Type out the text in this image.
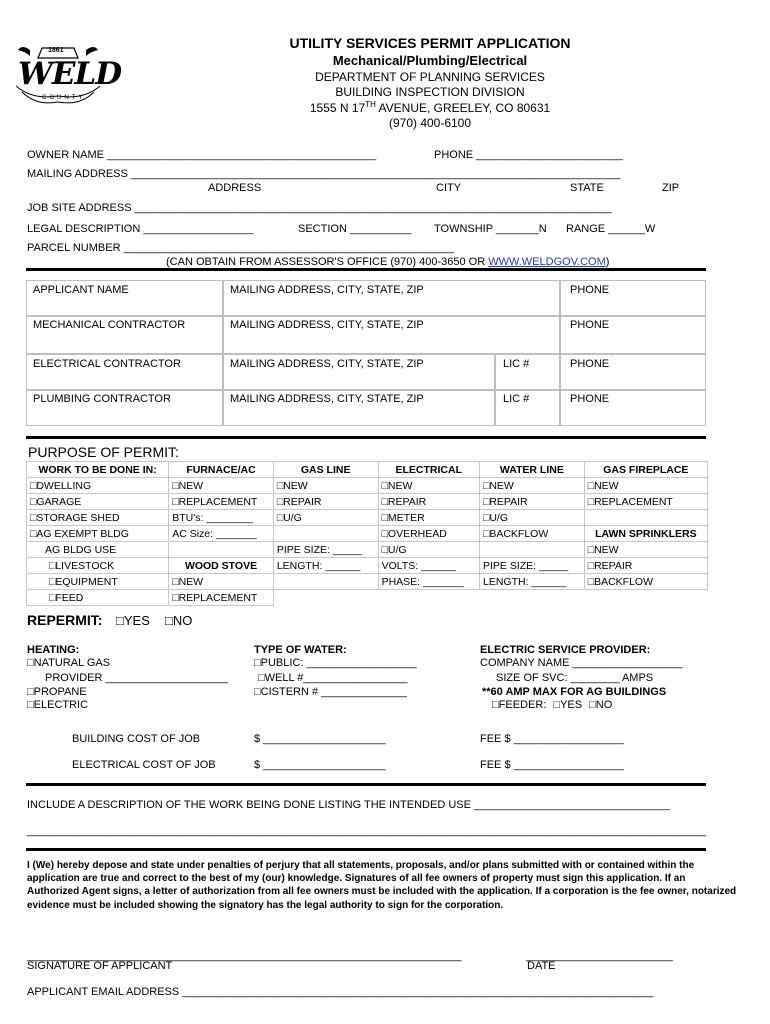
1861
WELD
COUNTY
UTILITY SERVICES PERMIT APPLICATION
Mechanical/Plumbing/Electrical
DEPARTMENT OF PLANNING SERVICES
BUILDING INSPECTION DIVISION
1555 N 17TH AVENUE, GREELEY, CO 80631
(970) 400-6100
OWNER NAME ____________________________________________	PHONE ________________________
MAILING ADDRESS ________________________________________________________________________________
ADDRESS	CITY	STATE	ZIP
JOB SITE ADDRESS ______________________________________________________________________________
LEGAL DESCRIPTION __________________	SECTION __________ TOWNSHIP _______N RANGE ______W
PARCEL NUMBER ______________________________________________________
(CAN OBTAIN FROM ASSESSOR'S OFFICE (970) 400-3650 OR WWW.WELDGOV.COM)
APPLICANT NAME	MAILING ADDRESS, CITY, STATE, ZIP	PHONE
MECHANICAL CONTRACTOR	MAILING ADDRESS, CITY, STATE, ZIP	PHONE
ELECTRICAL CONTRACTOR	MAILING ADDRESS, CITY, STATE, ZIP	LIC #	PHONE
PLUMBING CONTRACTOR	MAILING ADDRESS, CITY, STATE, ZIP	LIC #	PHONE
PURPOSE OF PERMIT:
WORK TO BE DONE IN:	FURNACE/AC	GAS LINE	ELECTRICAL	WATER LINE	GAS FIREPLACE
□ DWELLING	□ NEW	□ NEW	□ NEW	□ NEW	□ NEW
□ GARAGE	□ REPLACEMENT	□ REPAIR	□ REPAIR	□ REPAIR	□ REPLACEMENT
□ STORAGE SHED	BTU's: ________	□ U/G	□ METER	□ U/G	
□ AG EXEMPT BLDG	AC Size: _______		□ OVERHEAD	□ BACKFLOW	LAWN SPRINKLERS
AG BLDG USE		PIPE SIZE: _____	□ U/G		□ NEW
□ LIVESTOCK	WOOD STOVE	LENGTH: ______	VOLTS: ______	PIPE SIZE: _____	□ REPAIR
□ EQUIPMENT	□ NEW		PHASE: _______	LENGTH: ______	□ BACKFLOW
□ FEED	□ REPLACEMENT				
REPERMIT:	□ YES	□ NO
HEATING:
□ NATURAL GAS
PROVIDER ____________________
□ PROPANE
□ ELECTRIC
TYPE OF WATER:
□ PUBLIC: __________________
□ WELL #_________________
□ CISTERN # ______________
ELECTRIC SERVICE PROVIDER:
COMPANY NAME __________________
SIZE OF SVC: ________ AMPS
**60 AMP MAX FOR AG BUILDINGS
□ FEEDER: □ YES □ NO
BUILDING COST OF JOB	$ ____________________	FEE $ __________________
ELECTRICAL COST OF JOB	$ ____________________	FEE $ __________________
INCLUDE A DESCRIPTION OF THE WORK BEING DONE LISTING THE INTENDED USE ________________________________
_______________________________________________________________________________________________________________
I (We) hereby depose and state under penalties of perjury that all statements, proposals, and/or plans submitted with or contained within the application are true and correct to the best of my (our) knowledge. Signatures of all fee owners of property must sign this application. If an Authorized Agent signs, a letter of authorization from all fee owners must be included with the application. If a corporation is the fee owner, notarized evidence must be included showing the signatory has the legal authority to sign for the corporation.
_______________________________________________________________________
SIGNATURE OF APPLICANT
________________________
DATE
APPLICANT EMAIL ADDRESS _____________________________________________________________________________
